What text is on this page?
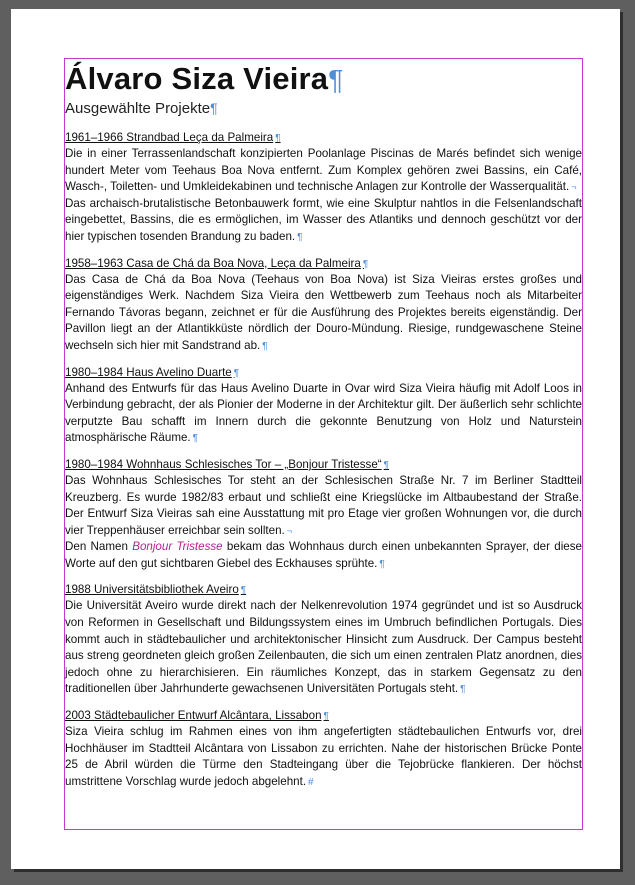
Álvaro Siza Vieira¶
Ausgewählte Projekte¶

1961–1966 Strandbad Leça da Palmeira ¶

Die in einer Terrassenlandschaft konzipierten Poolanlage Piscinas de Marés befindet sich wenige hundert Meter vom Teehaus Boa Nova entfernt. Zum Komplex gehören zwei Bassins, ein Café, Wasch-, Toiletten- und Umkleidekabinen und technische Anlagen zur Kontrolle der Wasserqualität. ¬

Das archaisch-brutalistische Betonbauwerk formt, wie eine Skulptur nahtlos in die Felsenlandschaft eingebettet, Bassins, die es ermöglichen, im Wasser des Atlantiks und dennoch geschützt vor der hier typischen tosenden Brandung zu baden. ¶

1958–1963 Casa de Chá da Boa Nova, Leça da Palmeira ¶

Das Casa de Chá da Boa Nova (Teehaus von Boa Nova) ist Siza Vieiras erstes großes und eigenständiges Werk. Nachdem Siza Vieira den Wettbewerb zum Teehaus noch als Mitarbeiter Fernando Távoras begann, zeichnet er für die Ausführung des Projektes bereits eigenständig. Der Pavillon liegt an der Atlantikküste nördlich der Douro-Mündung. Riesige, rundgewaschene Steine wechseln sich hier mit Sandstrand ab. ¶

1980–1984 Haus Avelino Duarte ¶

Anhand des Entwurfs für das Haus Avelino Duarte in Ovar wird Siza Vieira häufig mit Adolf Loos in Verbindung gebracht, der als Pionier der Moderne in der Architektur gilt. Der äußerlich sehr schlichte verputzte Bau schafft im Innern durch die gekonnte Benutzung von Holz und Naturstein atmosphärische Räume. ¶

1980–1984 Wohnhaus Schlesisches Tor – „Bonjour Tristesse“ ¶

Das Wohnhaus Schlesisches Tor steht an der Schlesischen Straße Nr. 7 im Berliner Stadtteil Kreuzberg. Es wurde 1982/83 erbaut und schließt eine Kriegslücke im Altbaubestand der Straße. Der Entwurf Siza Vieiras sah eine Ausstattung mit pro Etage vier großen Wohnungen vor, die durch vier Treppenhäuser erreichbar sein sollten. ¬

Den Namen Bonjour Tristesse bekam das Wohnhaus durch einen unbekannten Sprayer, der diese Worte auf den gut sichtbaren Giebel des Eckhauses sprühte. ¶

1988 Universitätsbibliothek Aveiro ¶

Die Universität Aveiro wurde direkt nach der Nelkenrevolution 1974 gegründet und ist so Ausdruck von Reformen in Gesellschaft und Bildungssystem eines im Umbruch befindlichen Portugals. Dies kommt auch in städtebaulicher und architektonischer Hinsicht zum Ausdruck. Der Campus besteht aus streng geordneten gleich großen Zeilenbauten, die sich um einen zentralen Platz anordnen, dies jedoch ohne zu hierarchisieren. Ein räumliches Konzept, das in starkem Gegensatz zu den traditionellen über Jahrhunderte gewachsenen Universitäten Portugals steht. ¶

2003 Städtebaulicher Entwurf Alcântara, Lissabon ¶

Siza Vieira schlug im Rahmen eines von ihm angefertigten städtebaulichen Entwurfs vor, drei Hochhäuser im Stadtteil Alcântara von Lissabon zu errichten. Nahe der historischen Brücke Ponte 25 de Abril würden die Türme den Stadteingang über die Tejobrücke flankieren. Der höchst umstrittene Vorschlag wurde jedoch abgelehnt. #
